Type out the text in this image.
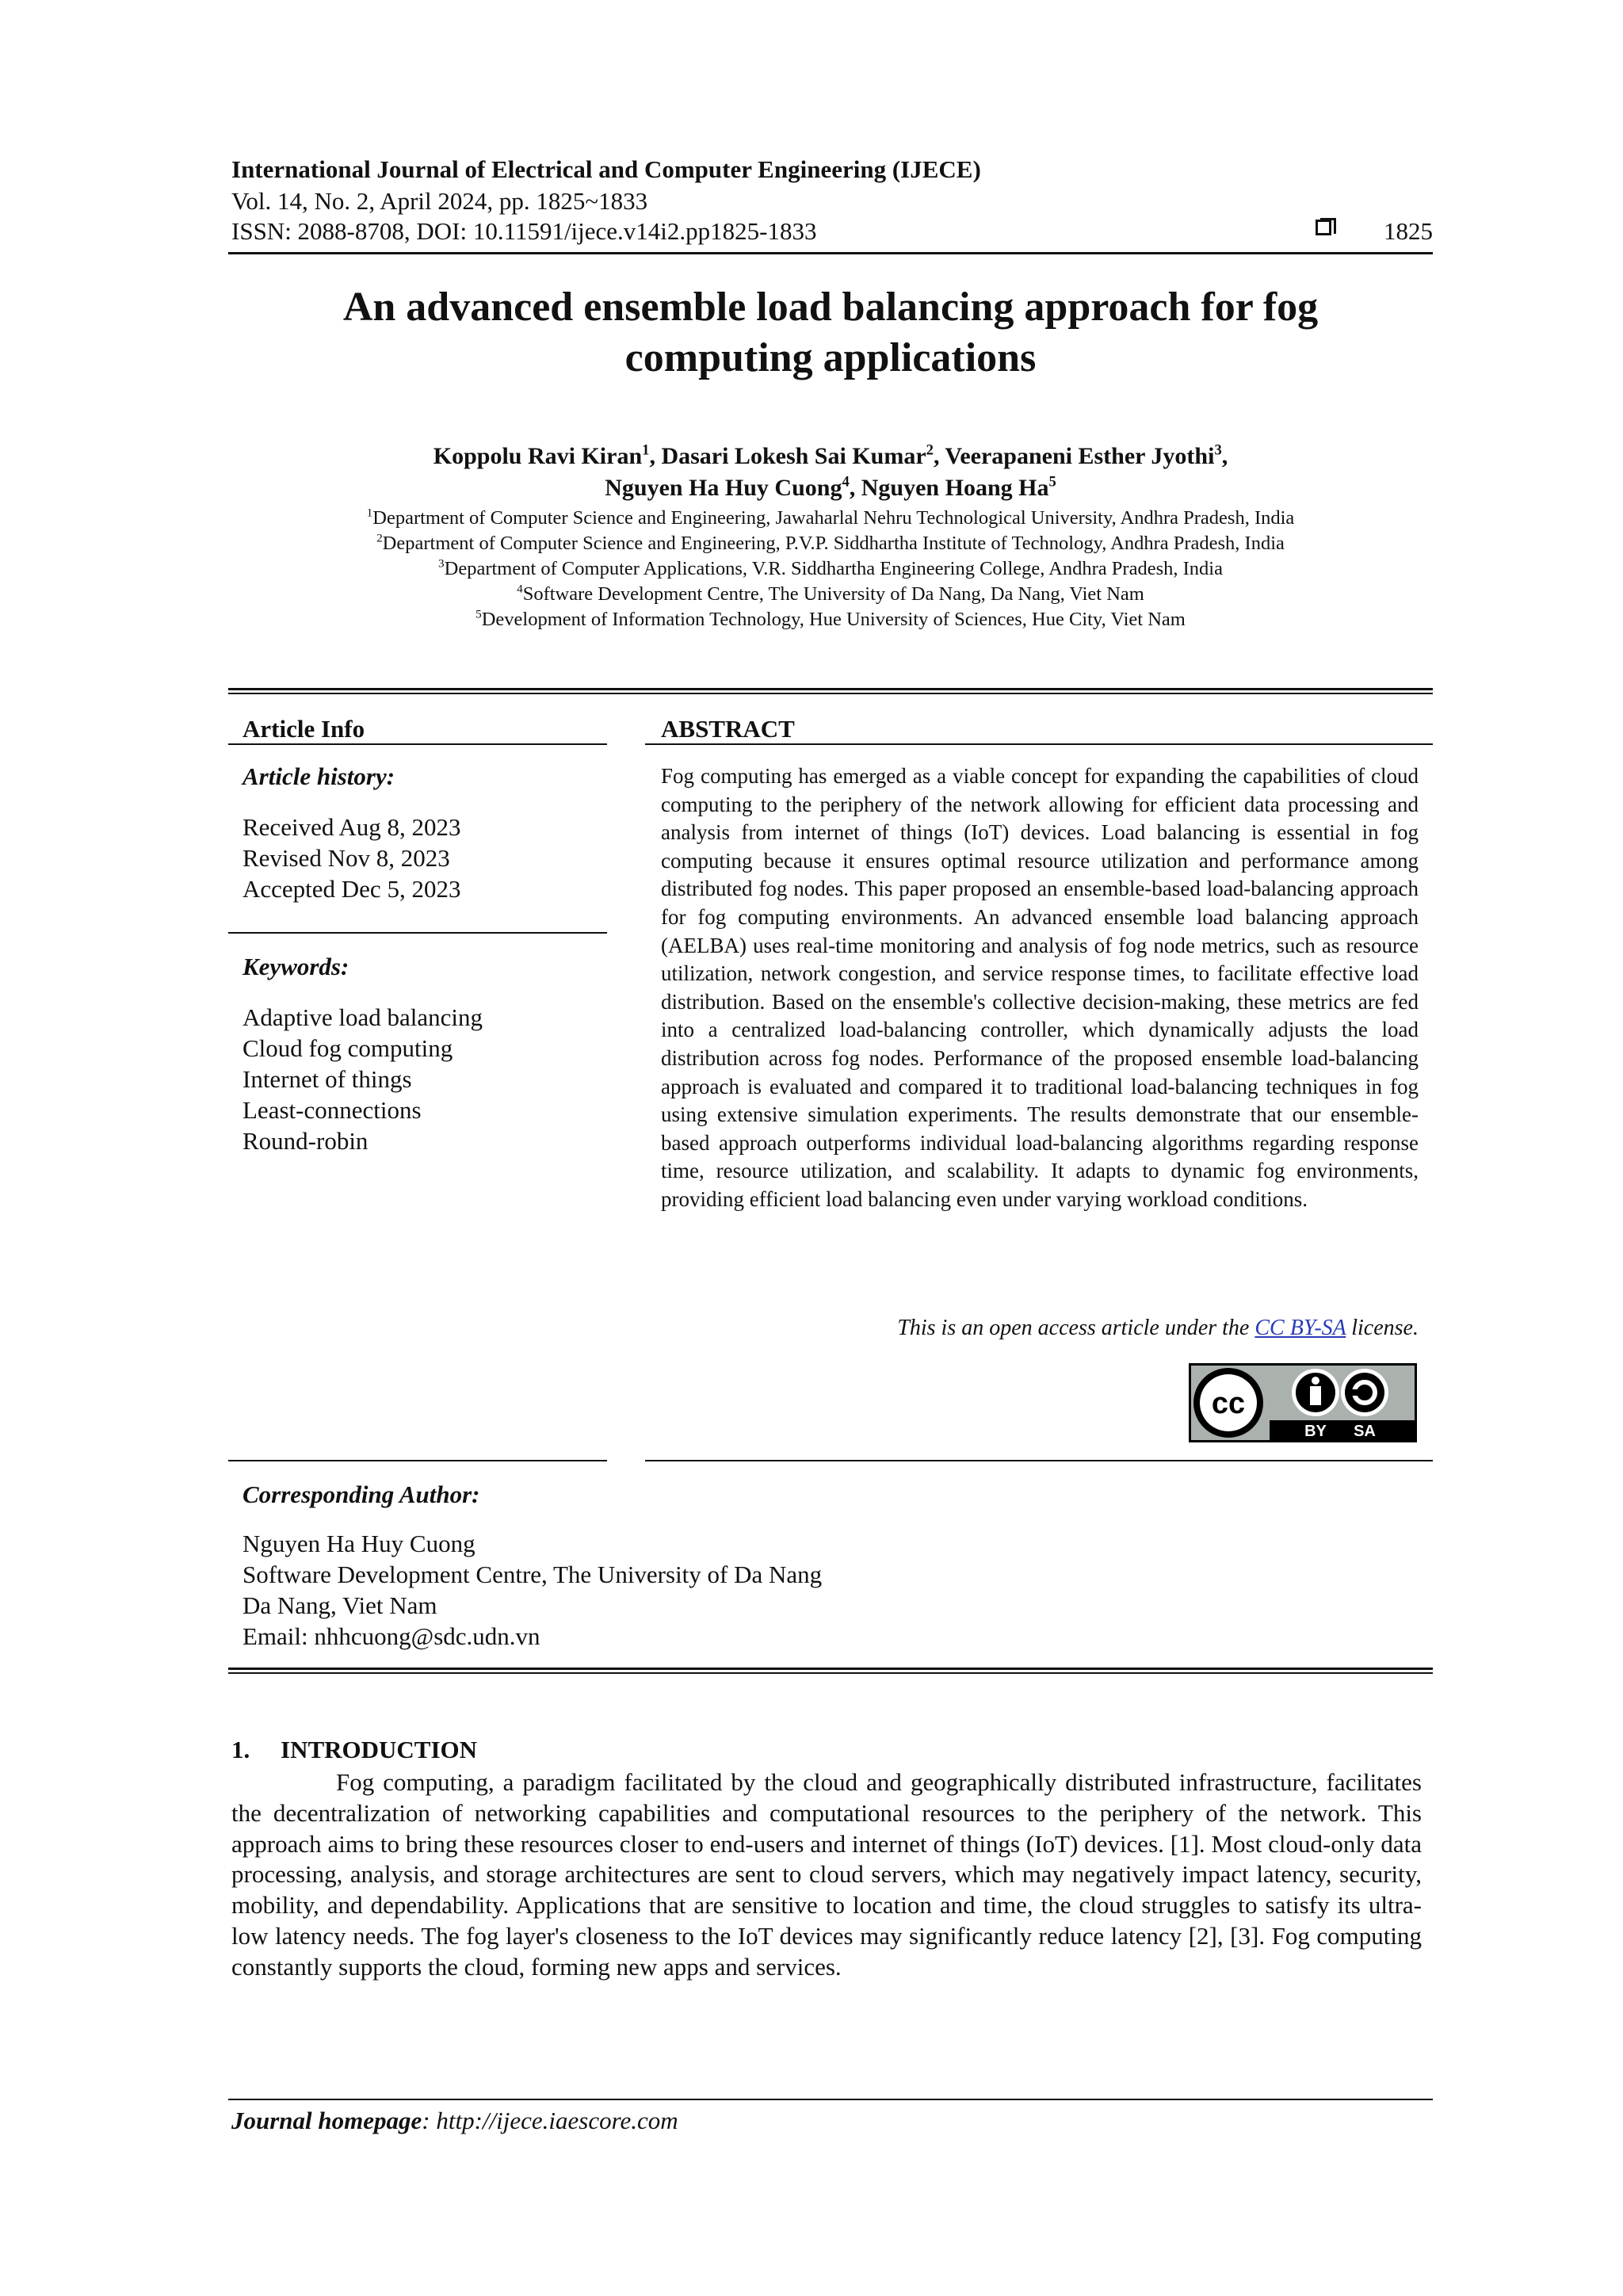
International Journal of Electrical and Computer Engineering (IJECE)
Vol. 14, No. 2, April 2024, pp. 1825~1833
ISSN: 2088-8708, DOI: 10.11591/ijece.v14i2.pp1825-1833	1825
An advanced ensemble load balancing approach for fog
computing applications
Koppolu Ravi Kiran$^1$, Dasari Lokesh Sai Kumar$^2$, Veerapaneni Esther Jyothi$^3$,
Nguyen Ha Huy Cuong$^4$, Nguyen Hoang Ha$^5$
$^1$Department of Computer Science and Engineering, Jawaharlal Nehru Technological University, Andhra Pradesh, India
$^2$Department of Computer Science and Engineering, P.V.P. Siddhartha Institute of Technology, Andhra Pradesh, India
$^3$Department of Computer Applications, V.R. Siddhartha Engineering College, Andhra Pradesh, India
$^4$Software Development Centre, The University of Da Nang, Da Nang, Viet Nam
$^5$Development of Information Technology, Hue University of Sciences, Hue City, Viet Nam
Article Info
Article history:
Received Aug 8, 2023
Revised Nov 8, 2023
Accepted Dec 5, 2023
Keywords:
Adaptive load balancing
Cloud fog computing
Internet of things
Least-connections
Round-robin
ABSTRACT
Fog computing has emerged as a viable concept for expanding the capabilities of cloud computing to the periphery of the network allowing for efficient data processing and analysis from internet of things (IoT) devices. Load balancing is essential in fog computing because it ensures optimal resource utilization and performance among distributed fog nodes. This paper proposed an ensemble-based load-balancing approach for fog computing environments. An advanced ensemble load balancing approach (AELBA) uses real-time monitoring and analysis of fog node metrics, such as resource utilization, network congestion, and service response times, to facilitate effective load distribution. Based on the ensemble's collective decision-making, these metrics are fed into a centralized load-balancing controller, which dynamically adjusts the load distribution across fog nodes. Performance of the proposed ensemble load-balancing approach is evaluated and compared it to traditional load-balancing techniques in fog using extensive simulation experiments. The results demonstrate that our ensemble-based approach outperforms individual load-balancing algorithms regarding response time, resource utilization, and scalability. It adapts to dynamic fog environments, providing efficient load balancing even under varying workload conditions.
This is an open access article under the CC BY-SA license.
cc
BY SA
Corresponding Author:
Nguyen Ha Huy Cuong
Software Development Centre, The University of Da Nang
Da Nang, Viet Nam
Email: nhhcuong@sdc.udn.vn
1.     INTRODUCTION
Fog computing, a paradigm facilitated by the cloud and geographically distributed infrastructure, facilitates the decentralization of networking capabilities and computational resources to the periphery of the network. This approach aims to bring these resources closer to end-users and internet of things (IoT) devices. [1]. Most cloud-only data processing, analysis, and storage architectures are sent to cloud servers, which may negatively impact latency, security, mobility, and dependability. Applications that are sensitive to location and time, the cloud struggles to satisfy its ultra-low latency needs. The fog layer's closeness to the IoT devices may significantly reduce latency [2], [3]. Fog computing constantly supports the cloud, forming new apps and services.
Journal homepage: http://ijece.iaescore.com
